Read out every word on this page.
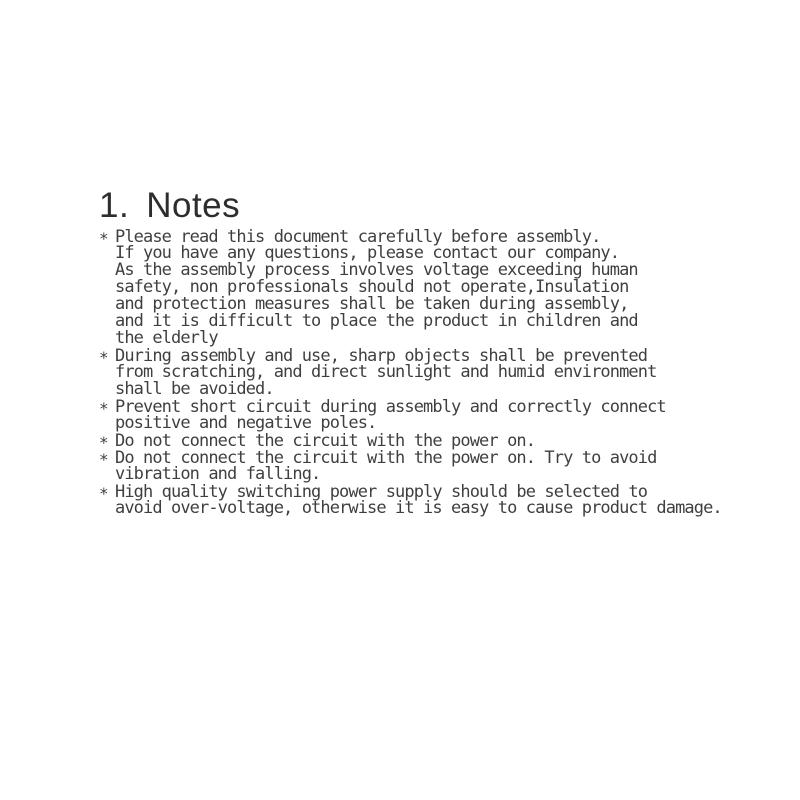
1. Notes
* Please read this document carefully before assembly.
If you have any questions, please contact our company.
As the assembly process involves voltage exceeding human
safety, non professionals should not operate,Insulation
and protection measures shall be taken during assembly,
and it is difficult to place the product in children and
the elderly
* During assembly and use, sharp objects shall be prevented
from scratching, and direct sunlight and humid environment
shall be avoided.
* Prevent short circuit during assembly and correctly connect
positive and negative poles.
* Do not connect the circuit with the power on.
* Do not connect the circuit with the power on. Try to avoid
vibration and falling.
* High quality switching power supply should be selected to
avoid over-voltage, otherwise it is easy to cause product damage.
